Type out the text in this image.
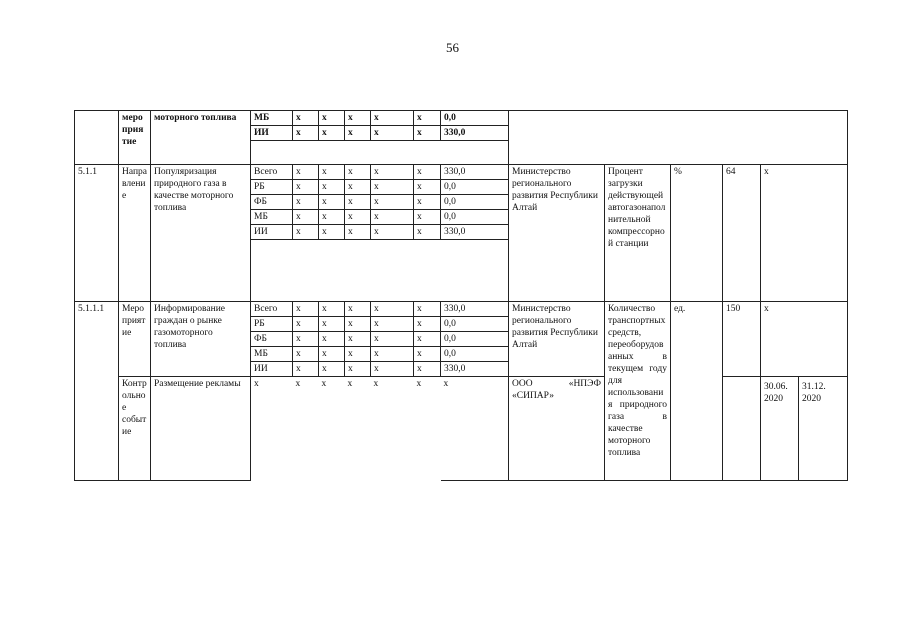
56
	мероприятие	моторного топлива	МБ	х	х	х	х	х	0,0						
			ИИ	х	х	х	х	х	330,0						

5.1.1	Направление	Популяризация природного газа в качестве моторного топлива	Всего	х	х	х	х	х	330,0	Министерство регионального развития Республики Алтай	Процент загрузки действующей автогазонаполнительной компрессорной станции	%	64	х	
			РБ	х	х	х	х	х	0,0						
			ФБ	х	х	х	х	х	0,0						
			МБ	х	х	х	х	х	0,0						
			ИИ	х	х	х	х	х	330,0						

5.1.1.1	Мероприятие	Информирование граждан о рынке газомоторного топлива	Всего	х	х	х	х	х	330,0	Министерство регионального развития Республики Алтай	Количество транспортных средств, переоборудованных в текущем году для использования природного газа в качестве моторного топлива	ед.	150	х	
			РБ	х	х	х	х	х	0,0						
			ФБ	х	х	х	х	х	0,0						
			МБ	х	х	х	х	х	0,0						
			ИИ	х	х	х	х	х	330,0						
	Контрольное событие	Размещение рекламы	х	х	х	х	х	х	х	ООО «НПЭФ «СИПАР»				30.06. 2020	31.12. 2020
